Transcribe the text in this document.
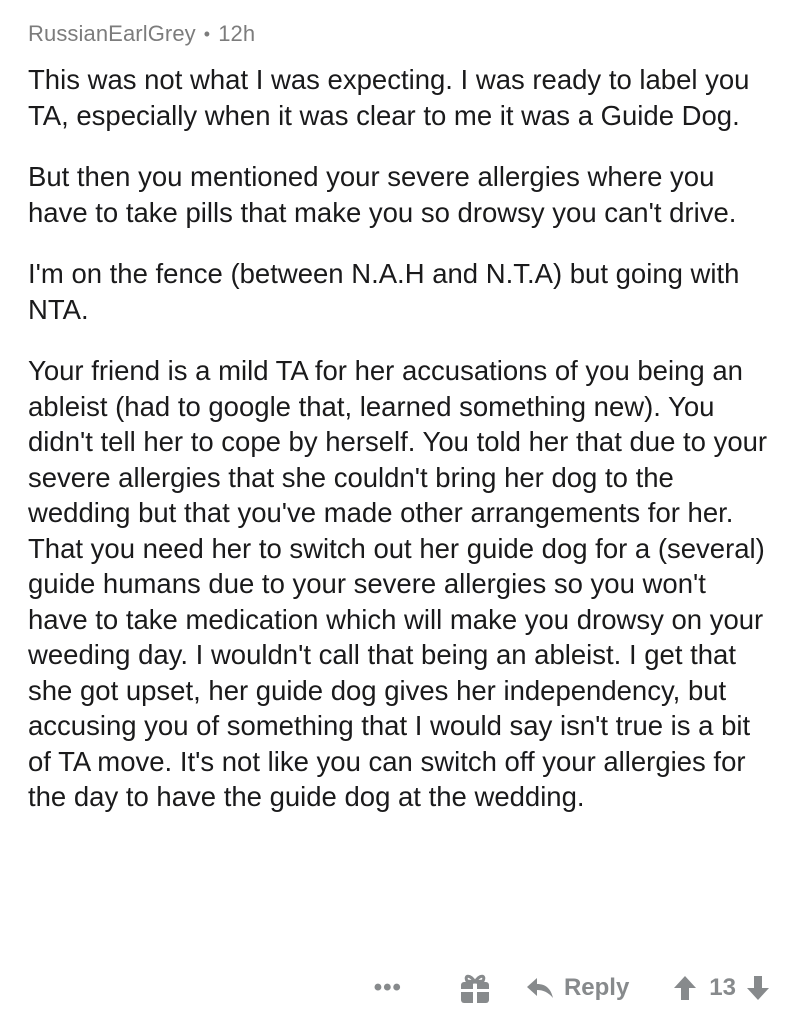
RussianEarlGrey • 12h

This was not what I was expecting. I was ready to label you TA, especially when it was clear to me it was a Guide Dog.

But then you mentioned your severe allergies where you have to take pills that make you so drowsy you can't drive.

I'm on the fence (between N.A.H and N.T.A) but going with NTA.

Your friend is a mild TA for her accusations of you being an ableist (had to google that, learned something new). You didn't tell her to cope by herself. You told her that due to your severe allergies that she couldn't bring her dog to the wedding but that you've made other arrangements for her. That you need her to switch out her guide dog for a (several) guide humans due to your severe allergies so you won't have to take medication which will make you drowsy on your weeding day. I wouldn't call that being an ableist. I get that she got upset, her guide dog gives her independency, but accusing you of something that I would say isn't true is a bit of TA move. It's not like you can switch off your allergies for the day to have the guide dog at the wedding.

•••	Reply	13
